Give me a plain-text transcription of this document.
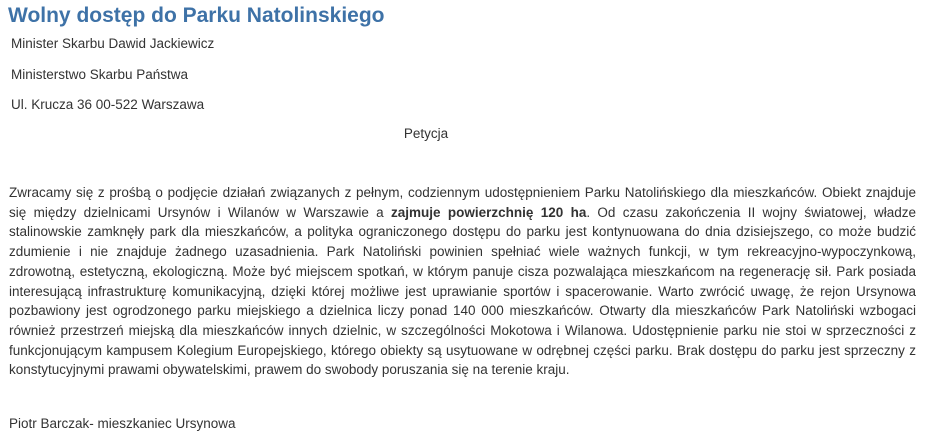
Wolny dostęp do Parku Natolinskiego

Minister Skarbu Dawid Jackiewicz

Ministerstwo Skarbu Państwa

Ul. Krucza 36 00-522 Warszawa

Petycja

Zwracamy się z prośbą o podjęcie działań związanych z pełnym, codziennym udostępnieniem Parku Natolińskiego dla mieszkańców. Obiekt znajduje się między dzielnicami Ursynów i Wilanów w Warszawie a zajmuje powierzchnię 120 ha. Od czasu zakończenia II wojny światowej, władze stalinowskie zamknęły park dla mieszkańców, a polityka ograniczonego dostępu do parku jest kontynuowana do dnia dzisiejszego, co może budzić zdumienie i nie znajduje żadnego uzasadnienia. Park Natoliński powinien spełniać wiele ważnych funkcji, w tym rekreacyjno-wypoczynkową, zdrowotną, estetyczną, ekologiczną. Może być miejscem spotkań, w którym panuje cisza pozwalająca mieszkańcom na regenerację sił. Park posiada interesującą infrastrukturę komunikacyjną, dzięki której możliwe jest uprawianie sportów i spacerowanie. Warto zwrócić uwagę, że rejon Ursynowa pozbawiony jest ogrodzonego parku miejskiego a dzielnica liczy ponad 140 000 mieszkańców. Otwarty dla mieszkańców Park Natoliński wzbogaci również przestrzeń miejską dla mieszkańców innych dzielnic, w szczególności Mokotowa i Wilanowa. Udostępnienie parku nie stoi w sprzeczności z funkcjonującym kampusem Kolegium Europejskiego, którego obiekty są usytuowane w odrębnej części parku. Brak dostępu do parku jest sprzeczny z konstytucyjnymi prawami obywatelskimi, prawem do swobody poruszania się na terenie kraju.

Piotr Barczak- mieszkaniec Ursynowa
